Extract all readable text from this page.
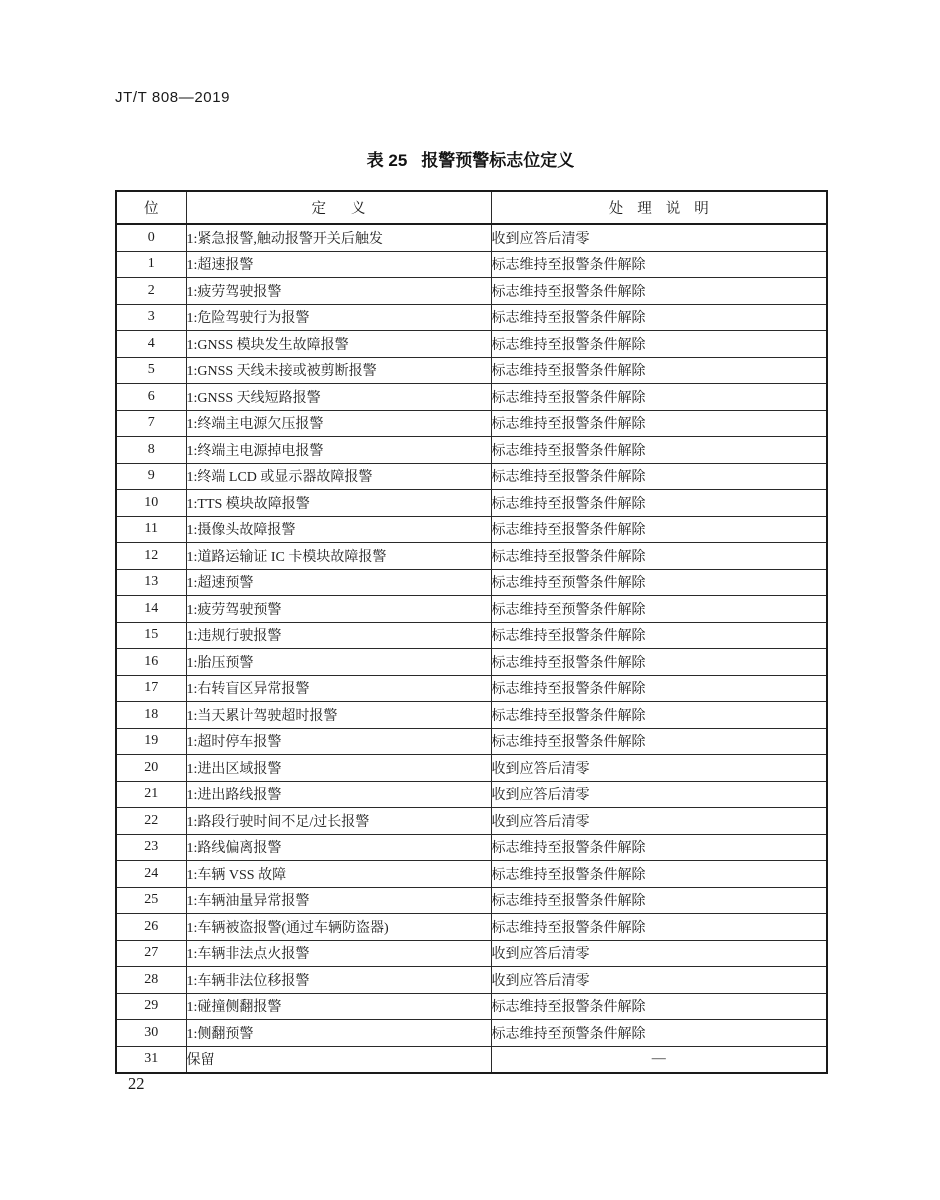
JT/T 808—2019
表 25 报警预警标志位定义
位	定义	处理说明
0	1:紧急报警,触动报警开关后触发	收到应答后清零
1	1:超速报警	标志维持至报警条件解除
2	1:疲劳驾驶报警	标志维持至报警条件解除
3	1:危险驾驶行为报警	标志维持至报警条件解除
4	1:GNSS 模块发生故障报警	标志维持至报警条件解除
5	1:GNSS 天线未接或被剪断报警	标志维持至报警条件解除
6	1:GNSS 天线短路报警	标志维持至报警条件解除
7	1:终端主电源欠压报警	标志维持至报警条件解除
8	1:终端主电源掉电报警	标志维持至报警条件解除
9	1:终端 LCD 或显示器故障报警	标志维持至报警条件解除
10	1:TTS 模块故障报警	标志维持至报警条件解除
11	1:摄像头故障报警	标志维持至报警条件解除
12	1:道路运输证 IC 卡模块故障报警	标志维持至报警条件解除
13	1:超速预警	标志维持至预警条件解除
14	1:疲劳驾驶预警	标志维持至预警条件解除
15	1:违规行驶报警	标志维持至报警条件解除
16	1:胎压预警	标志维持至报警条件解除
17	1:右转盲区异常报警	标志维持至报警条件解除
18	1:当天累计驾驶超时报警	标志维持至报警条件解除
19	1:超时停车报警	标志维持至报警条件解除
20	1:进出区域报警	收到应答后清零
21	1:进出路线报警	收到应答后清零
22	1:路段行驶时间不足/过长报警	收到应答后清零
23	1:路线偏离报警	标志维持至报警条件解除
24	1:车辆 VSS 故障	标志维持至报警条件解除
25	1:车辆油量异常报警	标志维持至报警条件解除
26	1:车辆被盗报警(通过车辆防盗器)	标志维持至报警条件解除
27	1:车辆非法点火报警	收到应答后清零
28	1:车辆非法位移报警	收到应答后清零
29	1:碰撞侧翻报警	标志维持至报警条件解除
30	1:侧翻预警	标志维持至预警条件解除
31	保留	—
22
